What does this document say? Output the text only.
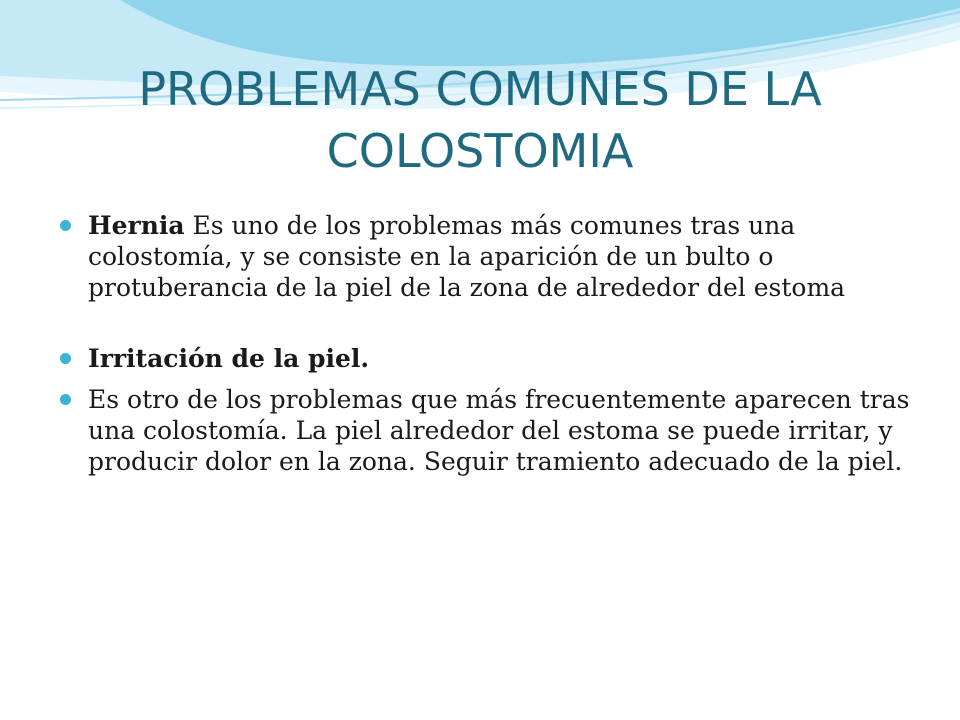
PROBLEMAS COMUNES DE LA COLOSTOMIA
Hernia Es uno de los problemas más comunes tras una colostomía, y se consiste en la aparición de un bulto o protuberancia de la piel de la zona de alrededor del estoma
Irritación de la piel.
Es otro de los problemas que más frecuentemente aparecen tras una colostomía. La piel alrededor del estoma se puede irritar, y producir dolor en la zona. Seguir tramiento adecuado de la piel.
